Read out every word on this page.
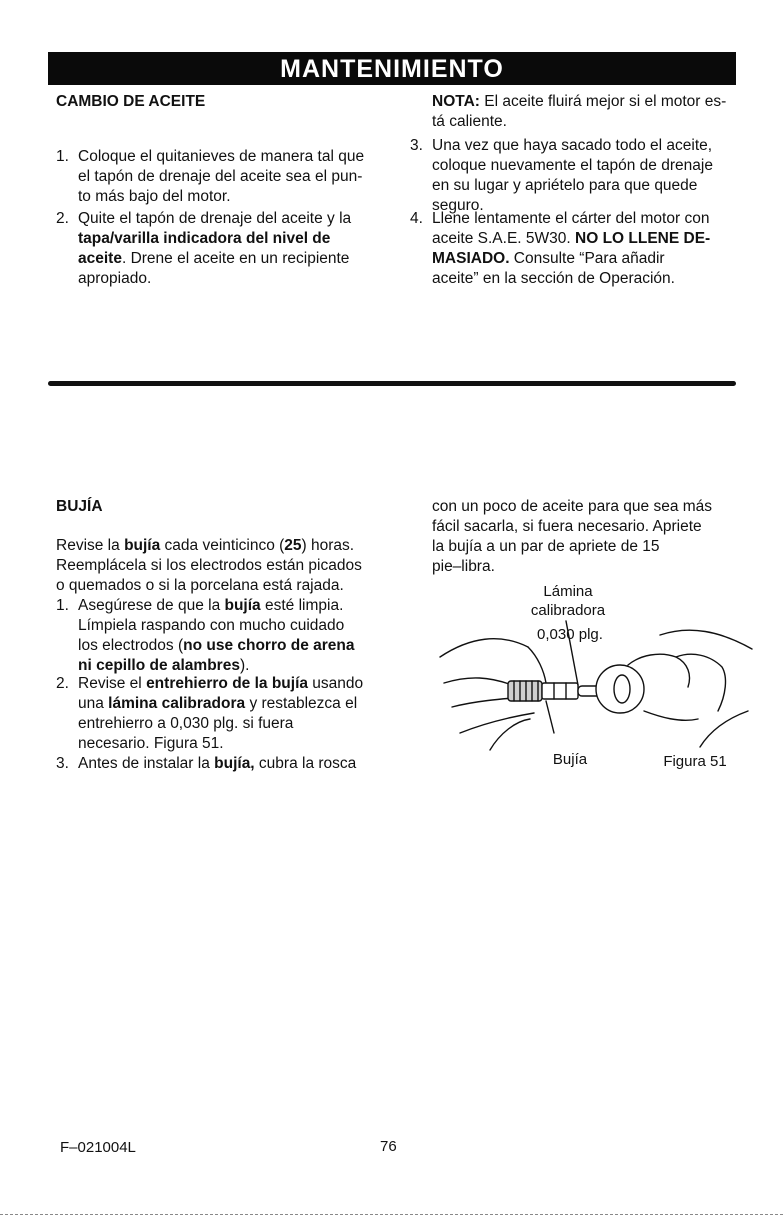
MANTENIMIENTO
CAMBIO DE ACEITE
1. Coloque el quitanieves de manera tal que
el tapón de drenaje del aceite sea el pun-
to más bajo del motor.
2. Quite el tapón de drenaje del aceite y la
tapa/varilla indicadora del nivel de
aceite. Drene el aceite en un recipiente
apropiado.
NOTA: El aceite fluirá mejor si el motor es-
tá caliente.
3. Una vez que haya sacado todo el aceite,
coloque nuevamente el tapón de drenaje
en su lugar y apriételo para que quede
seguro.
4. Llene lentamente el cárter del motor con
aceite S.A.E. 5W30. NO LO LLENE DE-
MASIADO. Consulte “Para añadir
aceite” en la sección de Operación.
BUJÍA
Revise la bujía cada veinticinco (25) horas.
Reemplácela si los electrodos están picados
o quemados o si la porcelana está rajada.
1. Asegúrese de que la bujía esté limpia.
Límpiela raspando con mucho cuidado
los electrodos (no use chorro de arena
ni cepillo de alambres).
2. Revise el entrehierro de la bujía usando
una lámina calibradora y restablezca el
entrehierro a 0,030 plg. si fuera
necesario. Figura 51.
3. Antes de instalar la bujía, cubra la rosca
con un poco de aceite para que sea más
fácil sacarla, si fuera necesario. Apriete
la bujía a un par de apriete de 15
pie–libra.
Lámina
calibradora
0,030 plg.
Bujía	Figura 51
F–021004L	76
